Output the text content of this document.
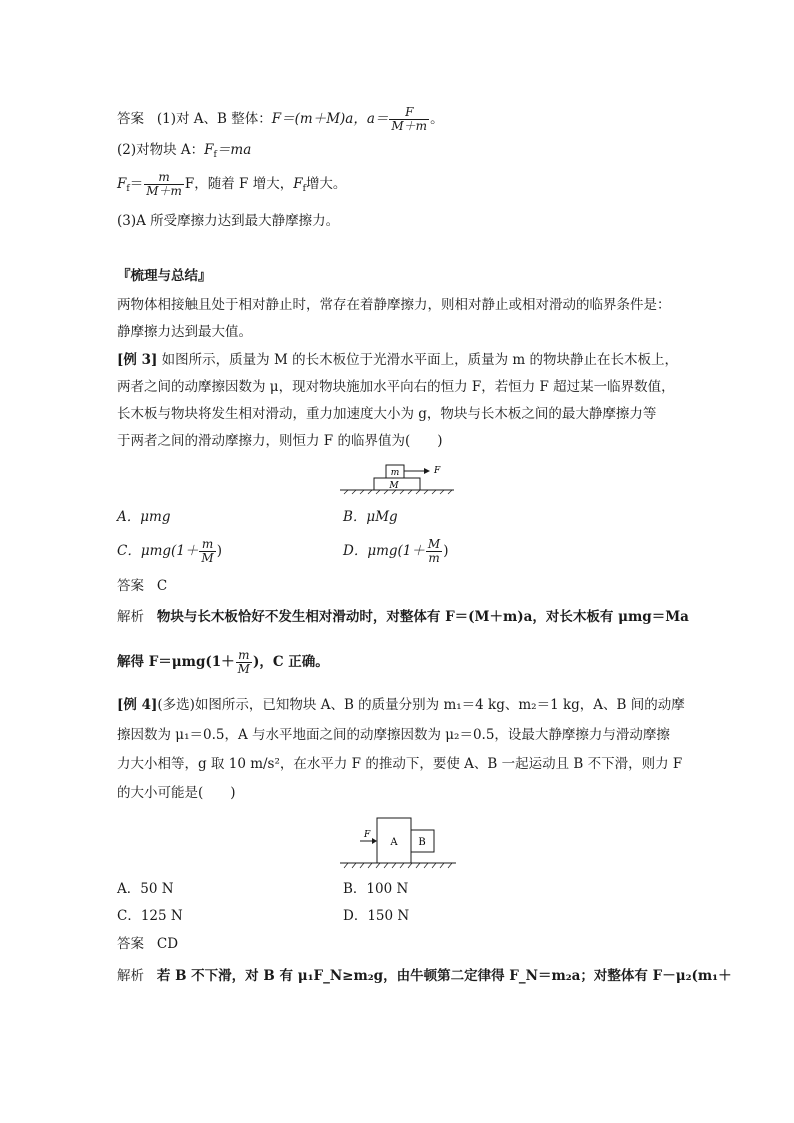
答案 (1)对 A、B 整体：F＝(m＋M)a，$a= \frac{F}{M+m}$ 。
(2)对物块 A：$F_f=ma$
$F_f= \frac{m}{M+m}$ F，随着 F 增大，$F_f$增大。
(3)A 所受摩擦力达到最大静摩擦力。
『梳理与总结』
两物体相接触且处于相对静止时，常存在着静摩擦力，则相对静止或相对滑动的临界条件是：
静摩擦力达到最大值。
[例 3] 如图所示，质量为 M 的长木板位于光滑水平面上，质量为 m 的物块静止在长木板上，
两者之间的动摩擦因数为 μ，现对物块施加水平向右的恒力 F，若恒力 F 超过某一临界数值，
长木板与物块将发生相对滑动，重力加速度大小为 g，物块与长木板之间的最大静摩擦力等
于两者之间的滑动摩擦力，则恒力 F 的临界值为(　　)
m
M
F
A．μmg	B．μMg
C．$\mu mg(1+ \frac{m}{M}$ )	D．$\mu mg(1+ \frac{M}{m}$ )
答案 C
解析 物块与长木板恰好不发生相对滑动时，对整体有 F＝(M＋m)a，对长木板有 μmg＝Ma
解得 $F=\mu mg(1+ \frac{m}{M}$ )，C 正确。
[例 4](多选)如图所示，已知物块 A、B 的质量分别为 m₁＝4 kg、m₂＝1 kg，A、B 间的动摩
擦因数为 μ₁＝0.5，A 与水平地面之间的动摩擦因数为 μ₂＝0.5，设最大静摩擦力与滑动摩擦
力大小相等，g 取 10 m/s²，在水平力 F 的推动下，要使 A、B 一起运动且 B 不下滑，则力 F
的大小可能是(　　)
A B
F
A．50 N	B．100 N
C．125 N	D．150 N
答案 CD
解析 若 B 不下滑，对 B 有 μ₁F_N≥m₂g，由牛顿第二定律得 F_N＝m₂a；对整体有 F－μ₂(m₁＋
